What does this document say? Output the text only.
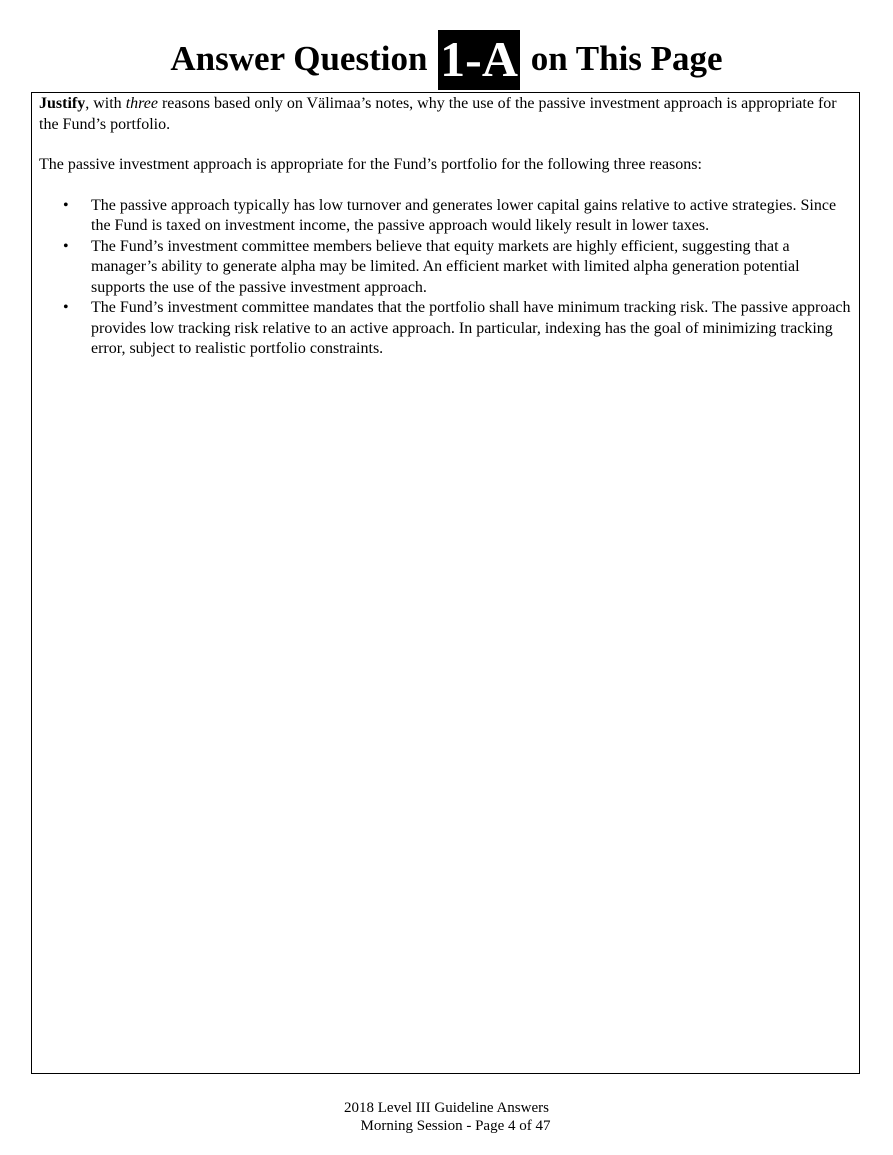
Answer Question 1-A on This Page

Justify, with three reasons based only on Välimaa’s notes, why the use of the passive investment approach is appropriate for the Fund’s portfolio.

The passive investment approach is appropriate for the Fund’s portfolio for the following three reasons:

• The passive approach typically has low turnover and generates lower capital gains relative to active strategies. Since the Fund is taxed on investment income, the passive approach would likely result in lower taxes.
• The Fund’s investment committee members believe that equity markets are highly efficient, suggesting that a manager’s ability to generate alpha may be limited. An efficient market with limited alpha generation potential supports the use of the passive investment approach.
• The Fund’s investment committee mandates that the portfolio shall have minimum tracking risk. The passive approach provides low tracking risk relative to an active approach. In particular, indexing has the goal of minimizing tracking error, subject to realistic portfolio constraints.
2018 Level III Guideline Answers
Morning Session - Page 4 of 47
